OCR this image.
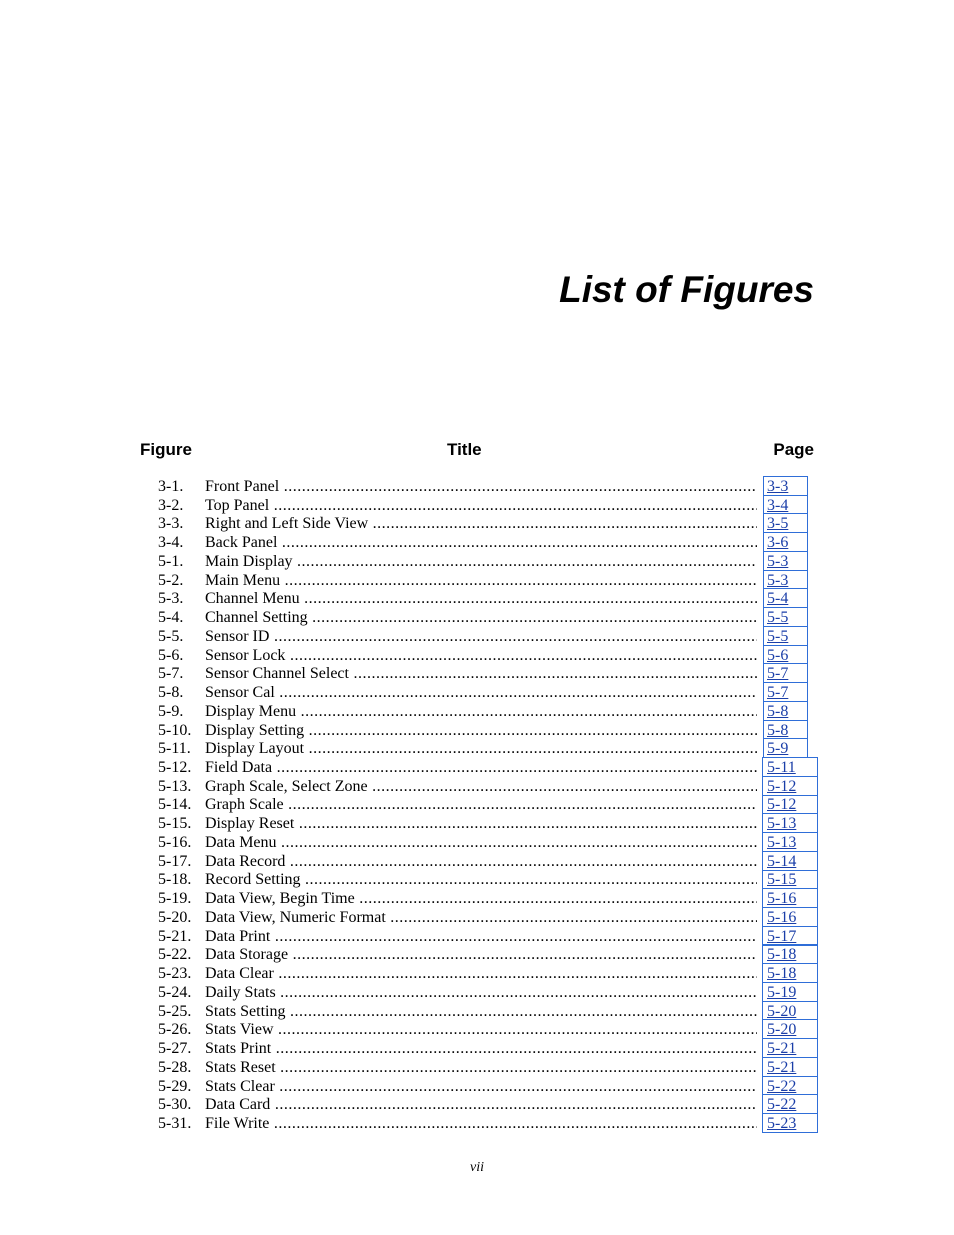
List of Figures
Figure	Title	Page
3-1. Front Panel .....	3-3
3-2. Top Panel .....	3-4
3-3. Right and Left Side View .....	3-5
3-4. Back Panel .....	3-6
5-1. Main Display .....	5-3
5-2. Main Menu .....	5-3
5-3. Channel Menu .....	5-4
5-4. Channel Setting .....	5-5
5-5. Sensor ID .....	5-5
5-6. Sensor Lock .....	5-6
5-7. Sensor Channel Select .....	5-7
5-8. Sensor Cal .....	5-7
5-9. Display Menu .....	5-8
5-10. Display Setting .....	5-8
5-11. Display Layout .....	5-9
5-12. Field Data .....	5-11
5-13. Graph Scale, Select Zone .....	5-12
5-14. Graph Scale .....	5-12
5-15. Display Reset .....	5-13
5-16. Data Menu .....	5-13
5-17. Data Record .....	5-14
5-18. Record Setting .....	5-15
5-19. Data View, Begin Time .....	5-16
5-20. Data View, Numeric Format .....	5-16
5-21. Data Print .....	5-17
5-22. Data Storage .....	5-18
5-23. Data Clear .....	5-18
5-24. Daily Stats .....	5-19
5-25. Stats Setting .....	5-20
5-26. Stats View .....	5-20
5-27. Stats Print .....	5-21
5-28. Stats Reset .....	5-21
5-29. Stats Clear .....	5-22
5-30. Data Card .....	5-22
5-31. File Write .....	5-23
vii
